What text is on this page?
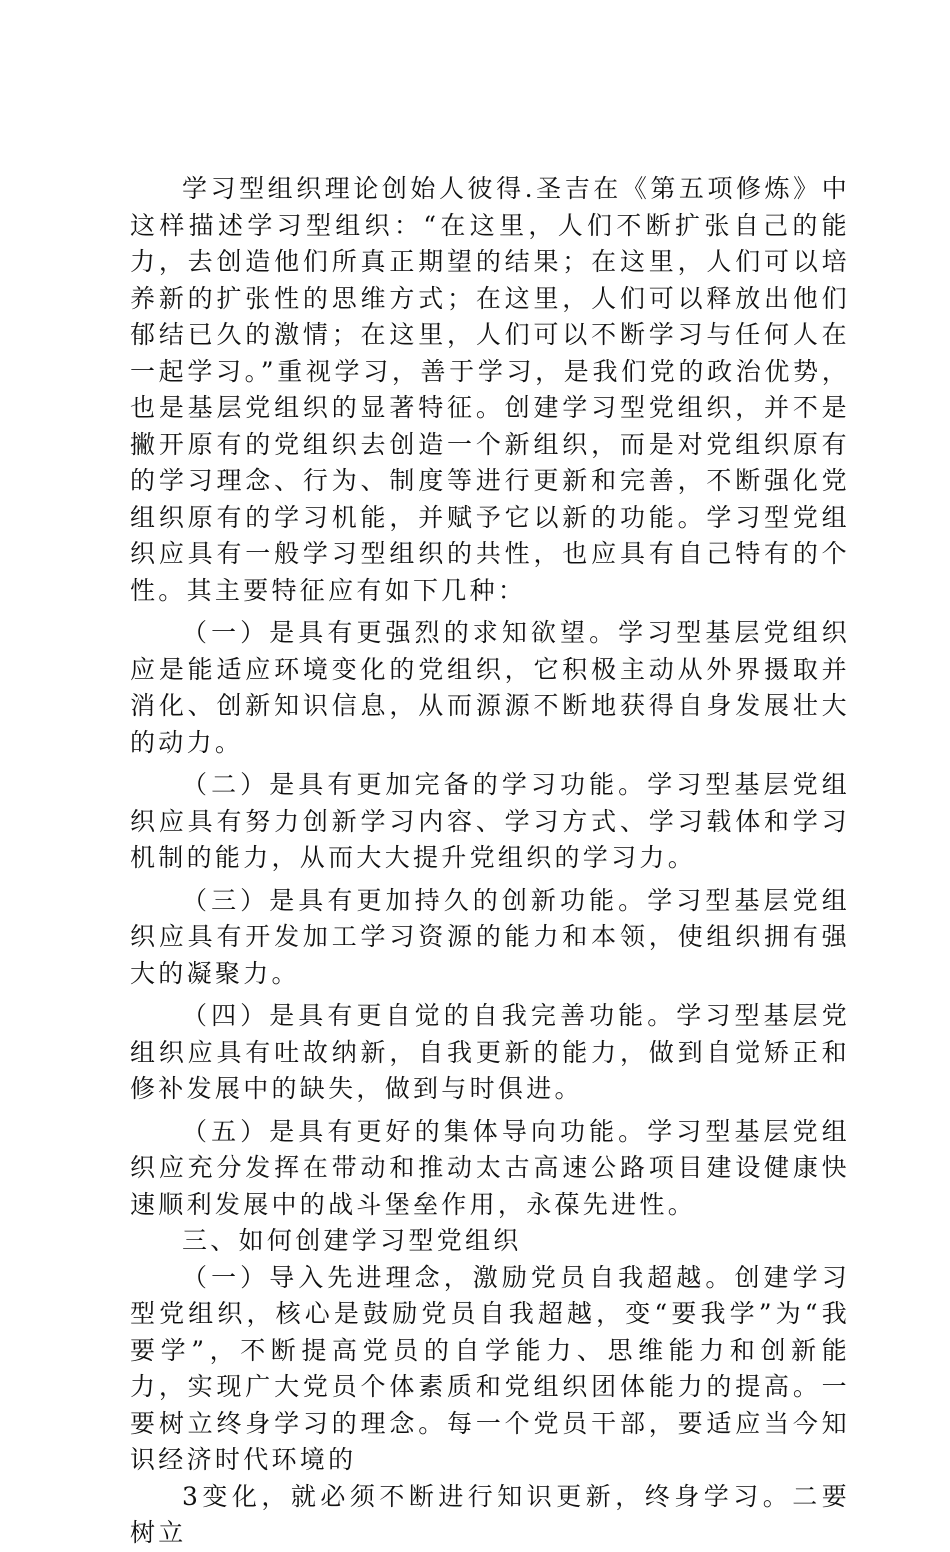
学习型组织理论创始人彼得.圣吉在《第五项修炼》中这样描述学习型组织：“在这里，人们不断扩张自己的能力，去创造他们所真正期望的结果；在这里，人们可以培养新的扩张性的思维方式；在这里，人们可以释放出他们郁结已久的激情；在这里，人们可以不断学习与任何人在一起学习。”重视学习，善于学习，是我们党的政治优势，也是基层党组织的显著特征。创建学习型党组织，并不是撇开原有的党组织去创造一个新组织，而是对党组织原有的学习理念、行为、制度等进行更新和完善，不断强化党组织原有的学习机能，并赋予它以新的功能。学习型党组织应具有一般学习型组织的共性，也应具有自己特有的个性。其主要特征应有如下几种：

（一）是具有更强烈的求知欲望。学习型基层党组织应是能适应环境变化的党组织，它积极主动从外界摄取并消化、创新知识信息，从而源源不断地获得自身发展壮大的动力。

（二）是具有更加完备的学习功能。学习型基层党组织应具有努力创新学习内容、学习方式、学习载体和学习机制的能力，从而大大提升党组织的学习力。

（三）是具有更加持久的创新功能。学习型基层党组织应具有开发加工学习资源的能力和本领，使组织拥有强大的凝聚力。

（四）是具有更自觉的自我完善功能。学习型基层党组织应具有吐故纳新，自我更新的能力，做到自觉矫正和修补发展中的缺失，做到与时俱进。

（五）是具有更好的集体导向功能。学习型基层党组织应充分发挥在带动和推动太古高速公路项目建设健康快速顺利发展中的战斗堡垒作用，永葆先进性。

三、如何创建学习型党组织

（一）导入先进理念，激励党员自我超越。创建学习型党组织，核心是鼓励党员自我超越，变“要我学”为“我要学”，不断提高党员的自学能力、思维能力和创新能力，实现广大党员个体素质和党组织团体能力的提高。一要树立终身学习的理念。每一个党员干部，要适应当今知识经济时代环境的

3变化，就必须不断进行知识更新，终身学习。二要树立
